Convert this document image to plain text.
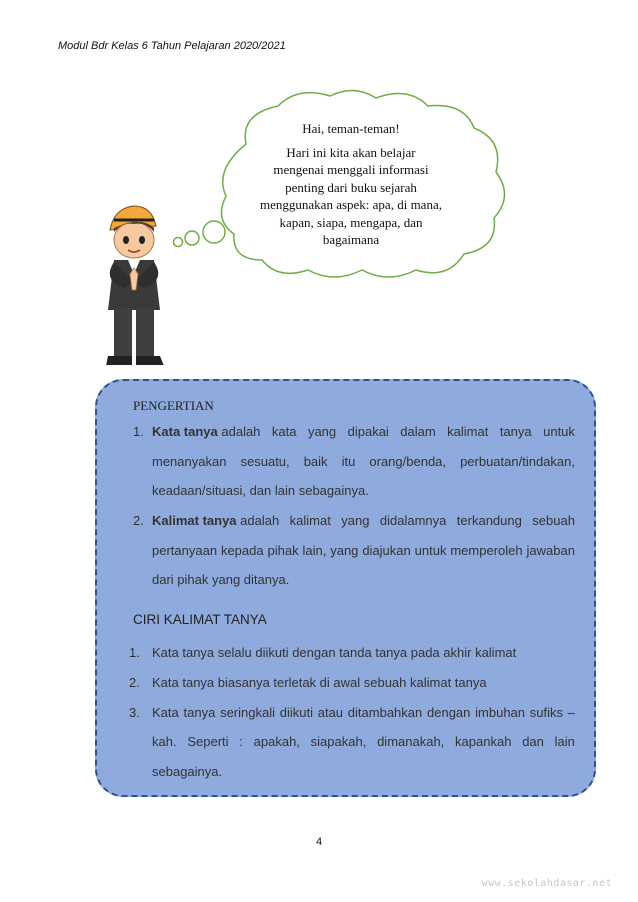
Modul Bdr Kelas 6 Tahun Pelajaran 2020/2021
Hai, teman-teman!
Hari ini kita akan belajar
mengenai menggali informasi
penting dari buku sejarah
menggunakan aspek: apa, di mana,
kapan, siapa, mengapa, dan
bagaimana
PENGERTIAN
1. Kata tanya adalah kata yang dipakai dalam kalimat tanya untuk
menanyakan sesuatu, baik itu orang/benda, perbuatan/tindakan,
keadaan/situasi, dan lain sebagainya.
2. Kalimat tanya adalah kalimat yang didalamnya terkandung sebuah
pertanyaan kepada pihak lain, yang diajukan untuk memperoleh jawaban
dari pihak yang ditanya.
CIRI KALIMAT TANYA
1. Kata tanya selalu diikuti dengan tanda tanya pada akhir kalimat
2. Kata tanya biasanya terletak di awal sebuah kalimat tanya
3. Kata tanya seringkali diikuti atau ditambahkan dengan imbuhan sufiks –
kah. Seperti : apakah, siapakah, dimanakah, kapankah dan lain
sebagainya.
4
www.sekolahdasar.net
